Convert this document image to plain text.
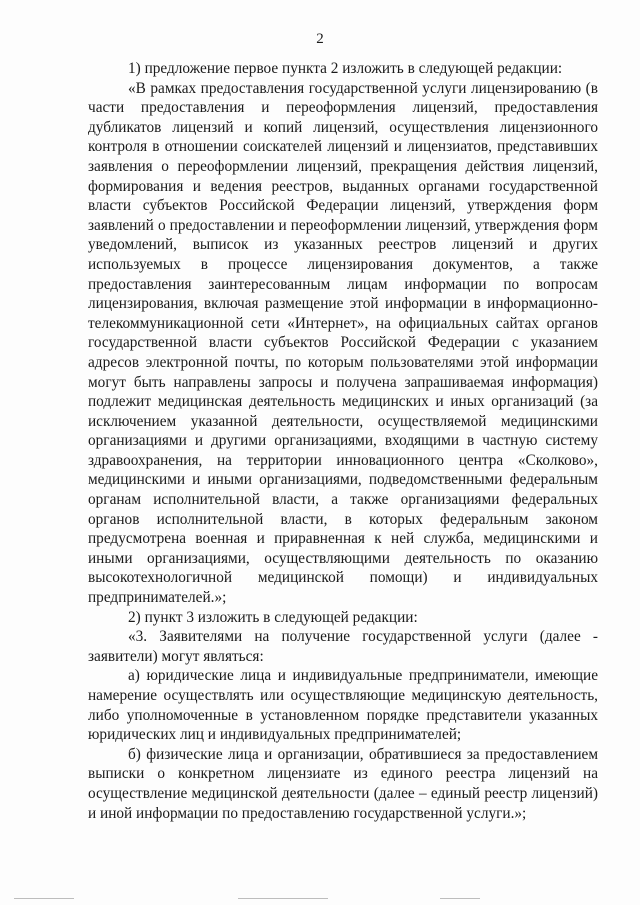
2

1) предложение первое пункта 2 изложить в следующей редакции:

«В рамках предоставления государственной услуги лицензированию (в части предоставления и переоформления лицензий, предоставления дубликатов лицензий и копий лицензий, осуществления лицензионного контроля в отношении соискателей лицензий и лицензиатов, представивших заявления о переоформлении лицензий, прекращения действия лицензий, формирования и ведения реестров, выданных органами государственной власти субъектов Российской Федерации лицензий, утверждения форм заявлений о предоставлении и переоформлении лицензий, утверждения форм уведомлений, выписок из указанных реестров лицензий и других используемых в процессе лицензирования документов, а также предоставления заинтересованным лицам информации по вопросам лицензирования, включая размещение этой информации в информационно-телекоммуникационной сети «Интернет», на официальных сайтах органов государственной власти субъектов Российской Федерации с указанием адресов электронной почты, по которым пользователями этой информации могут быть направлены запросы и получена запрашиваемая информация) подлежит медицинская деятельность медицинских и иных организаций (за исключением указанной деятельности, осуществляемой медицинскими организациями и другими организациями, входящими в частную систему здравоохранения, на территории инновационного центра «Сколково», медицинскими и иными организациями, подведомственными федеральным органам исполнительной власти, а также организациями федеральных органов исполнительной власти, в которых федеральным законом предусмотрена военная и приравненная к ней служба, медицинскими и иными организациями, осуществляющими деятельность по оказанию высокотехнологичной медицинской помощи) и индивидуальных предпринимателей.»;

2) пункт 3 изложить в следующей редакции:

«3. Заявителями на получение государственной услуги (далее - заявители) могут являться:

а) юридические лица и индивидуальные предприниматели, имеющие намерение осуществлять или осуществляющие медицинскую деятельность, либо уполномоченные в установленном порядке представители указанных юридических лиц и индивидуальных предпринимателей;

б) физические лица и организации, обратившиеся за предоставлением выписки о конкретном лицензиате из единого реестра лицензий на осуществление медицинской деятельности (далее – единый реестр лицензий) и иной информации по предоставлению государственной услуги.»;
